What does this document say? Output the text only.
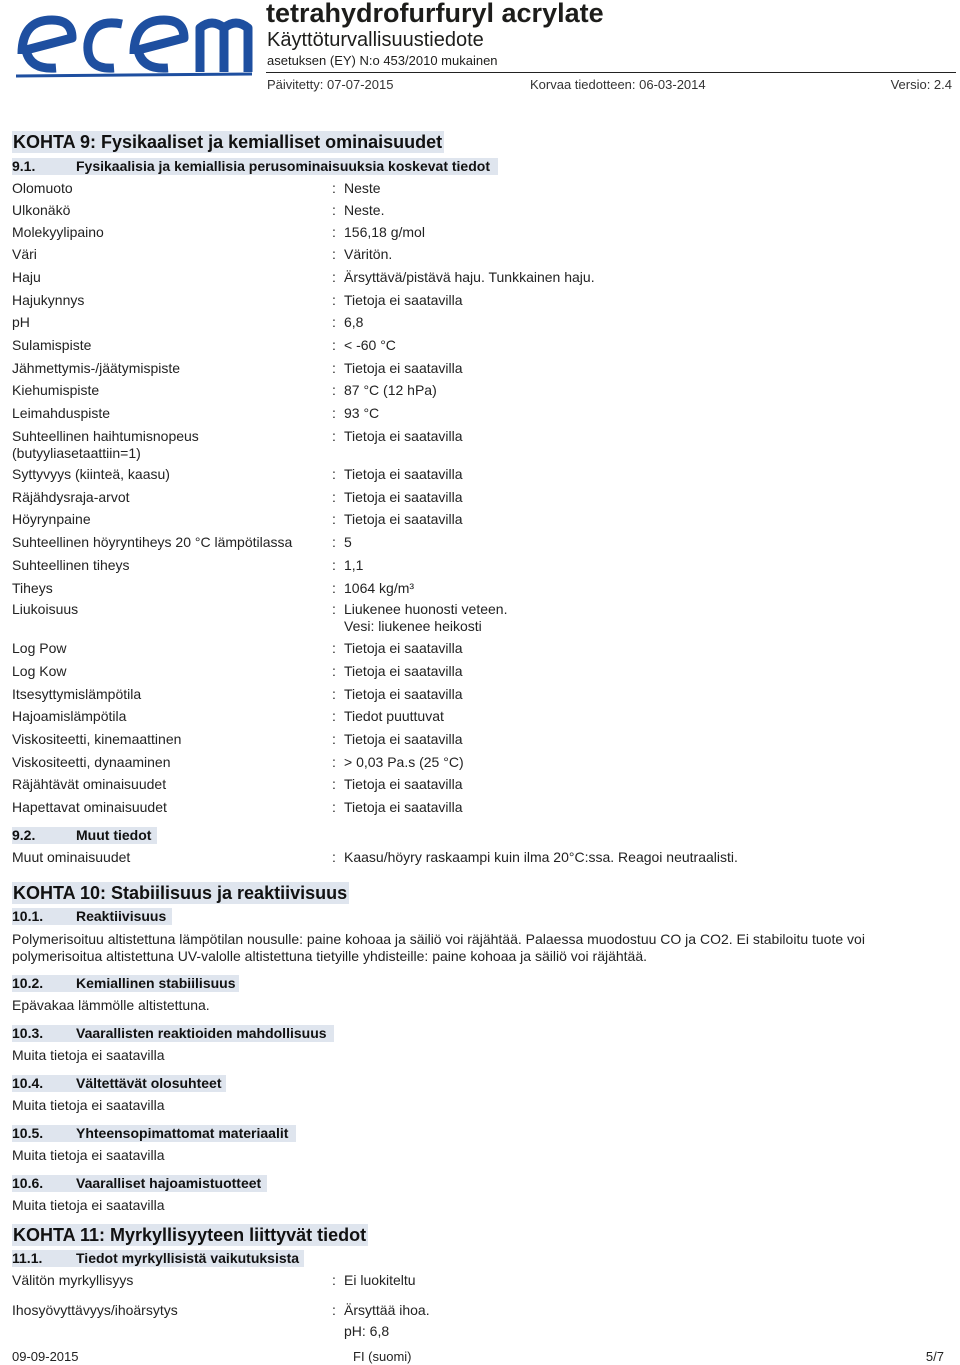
tetrahydrofurfuryl acrylate
Käyttöturvallisuustiedote
asetuksen (EY) N:o 453/2010 mukainen
Päivitetty: 07-07-2015	Korvaa tiedotteen: 06-03-2014	Versio: 2.4
KOHTA 9: Fysikaaliset ja kemialliset ominaisuudet
9.1.	Fysikaalisia ja kemiallisia perusominaisuuksia koskevat tiedot
Olomuoto	: Neste
Ulkonäkö	: Neste.
Molekyylipaino	: 156,18 g/mol
Väri	: Väritön.
Haju	: Ärsyttävä/pistävä haju. Tunkkainen haju.
Hajukynnys	: Tietoja ei saatavilla
pH	: 6,8
Sulamispiste	: < -60 °C
Jähmettymis-/jäätymispiste	: Tietoja ei saatavilla
Kiehumispiste	: 87 °C (12 hPa)
Leimahduspiste	: 93 °C
Suhteellinen haihtumisnopeus
(butyyliasetaattiin=1)
: Tietoja ei saatavilla
Syttyvyys (kiinteä, kaasu)	: Tietoja ei saatavilla
Räjähdysraja-arvot	: Tietoja ei saatavilla
Höyrynpaine	: Tietoja ei saatavilla
Suhteellinen höyryntiheys 20 °C lämpötilassa	: 5
Suhteellinen tiheys	: 1,1
Tiheys	: 1064 kg/m³
Liukoisuus	: Liukenee huonosti veteen.
Vesi: liukenee heikosti
Log Pow	: Tietoja ei saatavilla
Log Kow	: Tietoja ei saatavilla
Itsesyttymislämpötila	: Tietoja ei saatavilla
Hajoamislämpötila	: Tiedot puuttuvat
Viskositeetti, kinemaattinen	: Tietoja ei saatavilla
Viskositeetti, dynaaminen	: > 0,03 Pa.s (25 °C)
Räjähtävät ominaisuudet	: Tietoja ei saatavilla
Hapettavat ominaisuudet	: Tietoja ei saatavilla
9.2.	Muut tiedot
Muut ominaisuudet	: Kaasu/höyry raskaampi kuin ilma 20°C:ssa. Reagoi neutraalisti.
KOHTA 10: Stabiilisuus ja reaktiivisuus
10.1. Reaktiivisuus
Polymerisoituu altistettuna lämpötilan nousulle: paine kohoaa ja säiliö voi räjähtää. Palaessa muodostuu CO ja CO2. Ei stabiloitu tuote voi
polymerisoitua altistettuna UV-valolle altistettuna tietyille yhdisteille: paine kohoaa ja säiliö voi räjähtää.
10.2. Kemiallinen stabiilisuus
Epävakaa lämmölle altistettuna.
10.3. Vaarallisten reaktioiden mahdollisuus
Muita tietoja ei saatavilla
10.4. Vältettävät olosuhteet
Muita tietoja ei saatavilla
10.5. Yhteensopimattomat materiaalit
Muita tietoja ei saatavilla
10.6. Vaaralliset hajoamistuotteet
Muita tietoja ei saatavilla
KOHTA 11: Myrkyllisyyteen liittyvät tiedot
11.1. Tiedot myrkyllisistä vaikutuksista
Välitön myrkyllisyys	: Ei luokiteltu
Ihosyövyttävyys/ihoärsytys	: Ärsyttää ihoa.
pH: 6,8
09-09-2015	FI (suomi)	5/7
